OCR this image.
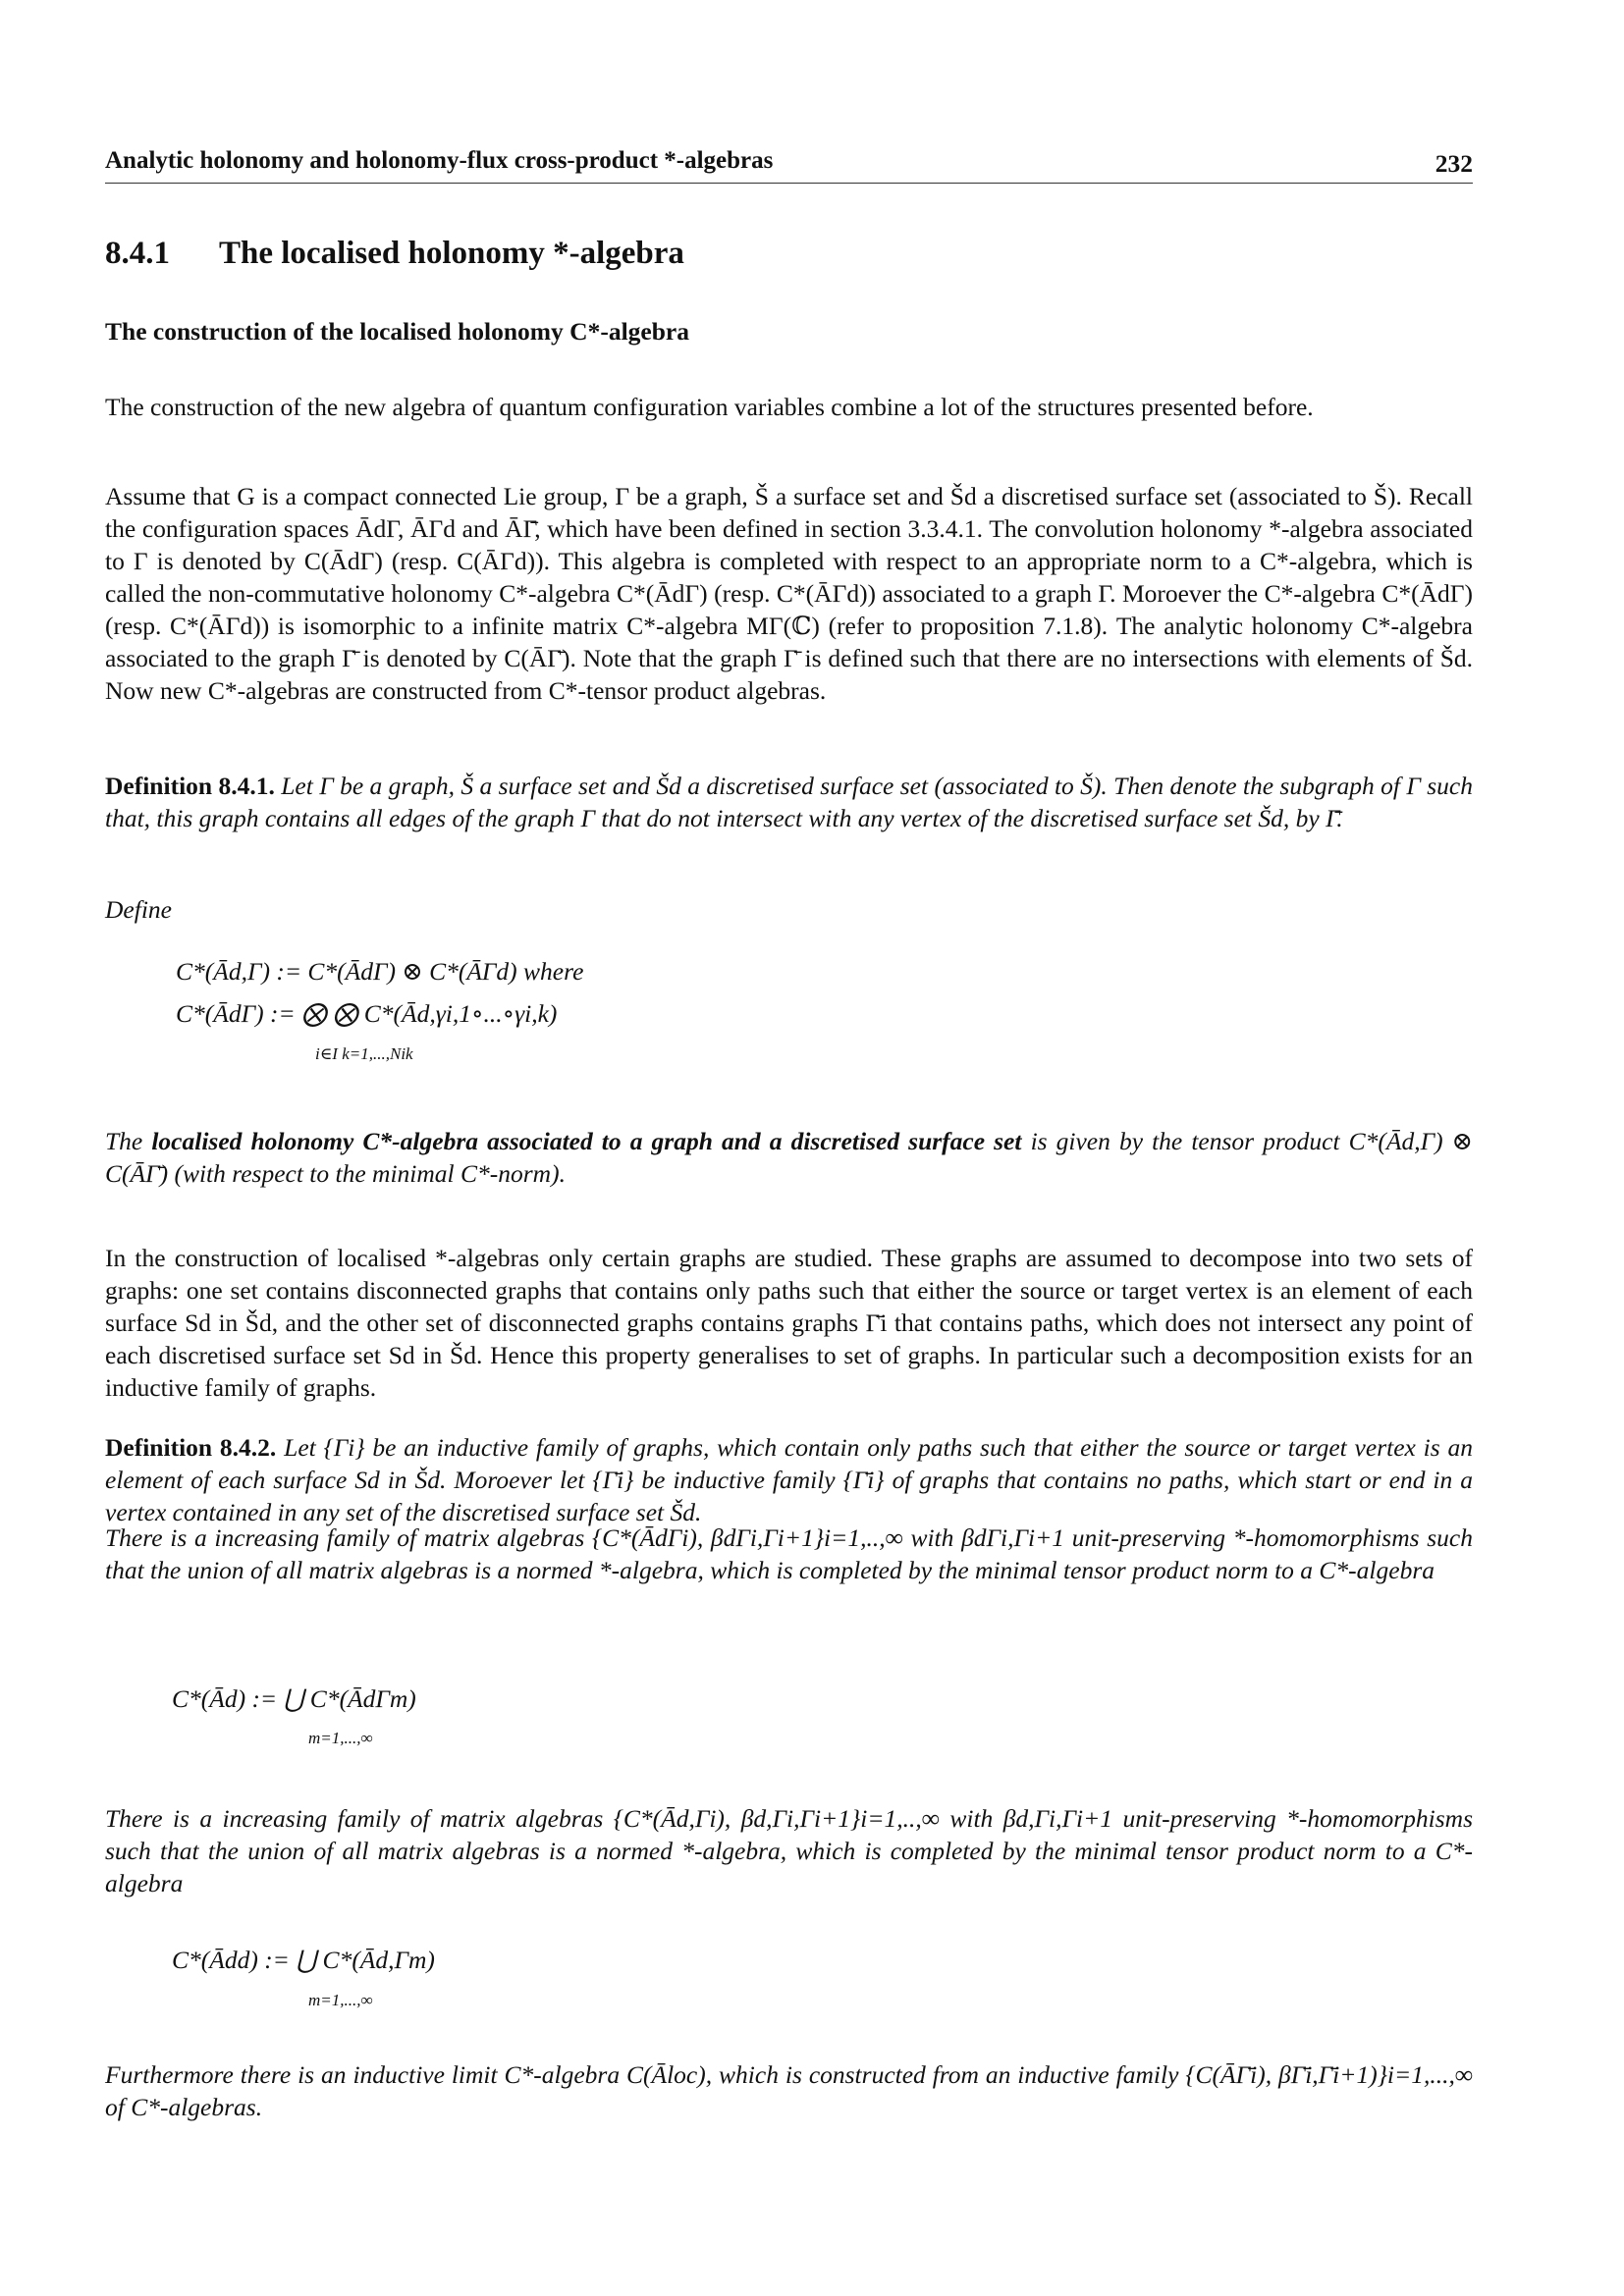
Analytic holonomy and holonomy-flux cross-product *-algebras	232
8.4.1 The localised holonomy *-algebra
The construction of the localised holonomy C*-algebra
The construction of the new algebra of quantum configuration variables combine a lot of the structures presented before.
Assume that G is a compact connected Lie group, Γ be a graph, Š a surface set and Šd a discretised surface set (associated to Š). Recall the configuration spaces ĀdΓ, ĀΓd and ĀΓ̄, which have been defined in section 3.3.4.1. The convolution holonomy *-algebra associated to Γ is denoted by C(ĀdΓ) (resp. C(ĀΓd)). This algebra is completed with respect to an appropriate norm to a C*-algebra, which is called the non-commutative holonomy C*-algebra C*(ĀdΓ) (resp. C*(ĀΓd)) associated to a graph Γ. Moroever the C*-algebra C*(ĀdΓ) (resp. C*(ĀΓd)) is isomorphic to a infinite matrix C*-algebra MΓ(ℂ) (refer to proposition 7.1.8). The analytic holonomy C*-algebra associated to the graph Γ̄ is denoted by C(ĀΓ̄). Note that the graph Γ̄ is defined such that there are no intersections with elements of Šd. Now new C*-algebras are constructed from C*-tensor product algebras.
Definition 8.4.1. Let Γ be a graph, Š a surface set and Šd a discretised surface set (associated to Š). Then denote the subgraph of Γ such that, this graph contains all edges of the graph Γ that do not intersect with any vertex of the discretised surface set Šd, by Γ̄.
Define
C*(Ād,Γ) := C*(ĀdΓ) ⊗ C*(ĀΓd) where
C*(ĀdΓ) := ⨂ ⨂ C*(Ād,γi,1∘...∘γi,k)
i∈I k=1,...,Nik
The localised holonomy C*-algebra associated to a graph and a discretised surface set is given by the tensor product C*(Ād,Γ) ⊗ C(ĀΓ̄) (with respect to the minimal C*-norm).
In the construction of localised *-algebras only certain graphs are studied. These graphs are assumed to decompose into two sets of graphs: one set contains disconnected graphs that contains only paths such that either the source or target vertex is an element of each surface Sd in Šd, and the other set of disconnected graphs contains graphs Γ̄i that contains paths, which does not intersect any point of each discretised surface set Sd in Šd. Hence this property generalises to set of graphs. In particular such a decomposition exists for an inductive family of graphs.
Definition 8.4.2. Let {Γi} be an inductive family of graphs, which contain only paths such that either the source or target vertex is an element of each surface Sd in Šd. Moroever let {Γ̄i} be inductive family {Γ̄i} of graphs that contains no paths, which start or end in a vertex contained in any set of the discretised surface set Šd.
There is a increasing family of matrix algebras {C*(ĀdΓi), βdΓi,Γi+1}i=1,..,∞ with βdΓi,Γi+1 unit-preserving *-homomorphisms such that the union of all matrix algebras is a normed *-algebra, which is completed by the minimal tensor product norm to a C*-algebra
C*(Ād) := ⋃ C*(ĀdΓm)
m=1,...,∞
There is a increasing family of matrix algebras {C*(Ād,Γi), βd,Γi,Γi+1}i=1,..,∞ with βd,Γi,Γi+1 unit-preserving *-homomorphisms such that the union of all matrix algebras is a normed *-algebra, which is completed by the minimal tensor product norm to a C*-algebra
C*(Ādd) := ⋃ C*(Ād,Γm)
m=1,...,∞
Furthermore there is an inductive limit C*-algebra C(Āloc), which is constructed from an inductive family {C(ĀΓ̄i), βΓ̄i,Γ̄i+1)}i=1,...,∞ of C*-algebras.
